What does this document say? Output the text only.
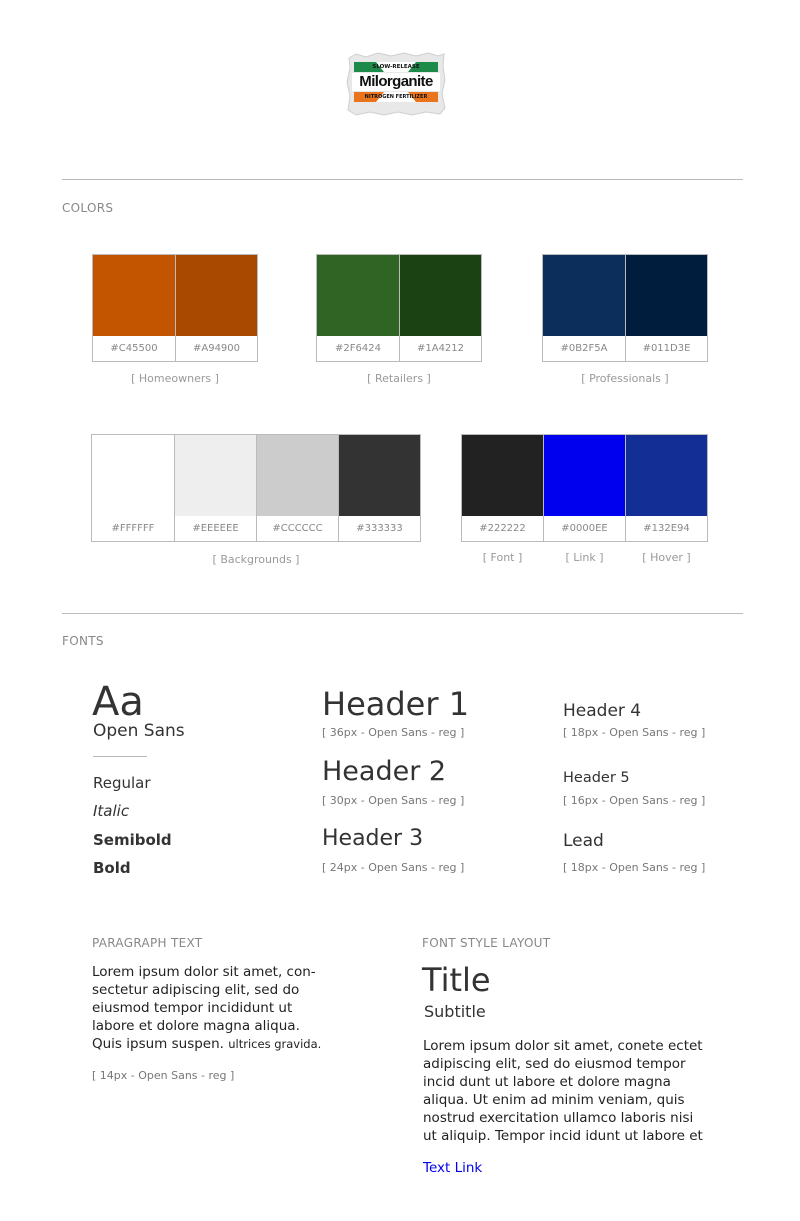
SLOW-RELEASE
Milorganite
NITROGEN FERTILIZER
COLORS
#C45500	#A94900
[ Homeowners ]
#2F6424	#1A4212
[ Retailers ]
#0B2F5A	#011D3E
[ Professionals ]
#FFFFFF	#EEEEEE	#CCCCCC	#333333
[ Backgrounds ]
#222222	#0000EE	#132E94
[ Font ]	[ Link ]	[ Hover ]
FONTS
Aa
Open Sans
Regular
Italic
Semibold
Bold
Header 1
[ 36px - Open Sans - reg ]
Header 2
[ 30px - Open Sans - reg ]
Header 3
[ 24px - Open Sans - reg ]
Header 4
[ 18px - Open Sans - reg ]
Header 5
[ 16px - Open Sans - reg ]
Lead
[ 18px - Open Sans - reg ]
PARAGRAPH TEXT
Lorem ipsum dolor sit amet, con-sectetur adipiscing elit, sed do eiusmod tempor incididunt ut labore et dolore magna aliqua. Quis ipsum suspen. ultrices gravida.
[ 14px - Open Sans - reg ]
FONT STYLE LAYOUT
Title
Subtitle
Lorem ipsum dolor sit amet, conete ectet adipiscing elit, sed do eiusmod tempor incid dunt ut labore et dolore magna aliqua. Ut enim ad minim veniam, quis nostrud exercitation ullamco laboris nisi ut aliquip. Tempor incid idunt ut labore et
Text Link
